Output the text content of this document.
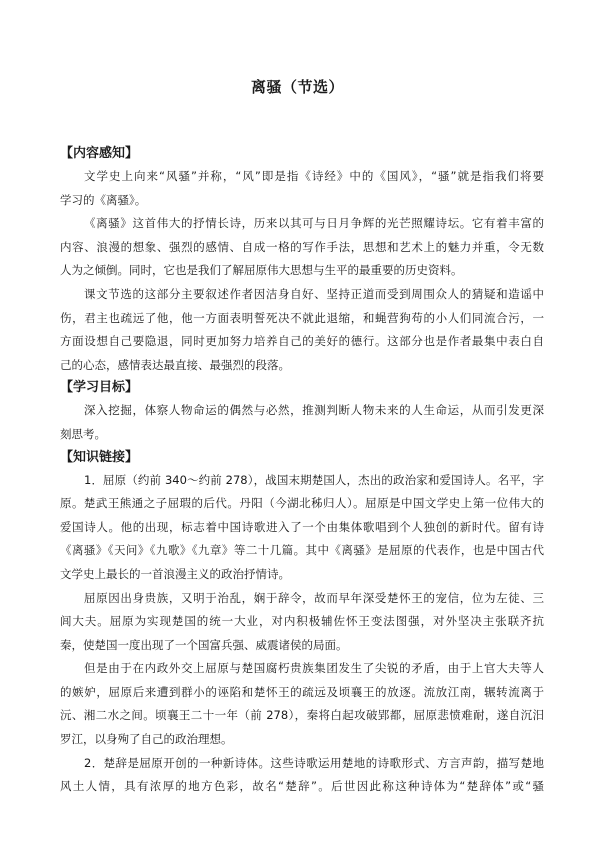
离骚（节选）
【内容感知】
文学史上向来“风骚”并称，“风”即是指《诗经》中的《国风》，“骚”就是指我们将要
学习的《离骚》。
《离骚》这首伟大的抒情长诗，历来以其可与日月争辉的光芒照耀诗坛。它有着丰富的
内容、浪漫的想象、强烈的感情、自成一格的写作手法，思想和艺术上的魅力并重，令无数
人为之倾倒。同时，它也是我们了解屈原伟大思想与生平的最重要的历史资料。
课文节选的这部分主要叙述作者因洁身自好、坚持正道而受到周围众人的猜疑和造谣中
伤，君主也疏远了他，他一方面表明誓死决不就此退缩，和蝇营狗苟的小人们同流合污，一
方面设想自己要隐退，同时更加努力培养自己的美好的德行。这部分也是作者最集中表白自
己的心态，感情表达最直接、最强烈的段落。
【学习目标】
深入挖掘，体察人物命运的偶然与必然，推测判断人物未来的人生命运，从而引发更深
刻思考。
【知识链接】
1．屈原（约前 340～约前 278），战国末期楚国人，杰出的政治家和爱国诗人。名平，字
原。楚武王熊通之子屈瑕的后代。丹阳（今湖北秭归人）。屈原是中国文学史上第一位伟大的
爱国诗人。他的出现，标志着中国诗歌进入了一个由集体歌唱到个人独创的新时代。留有诗
《离骚》《天问》《九歌》《九章》等二十几篇。其中《离骚》是屈原的代表作，也是中国古代
文学史上最长的一首浪漫主义的政治抒情诗。
屈原因出身贵族，又明于治乱，娴于辞令，故而早年深受楚怀王的宠信，位为左徒、三
闾大夫。屈原为实现楚国的统一大业，对内积极辅佐怀王变法图强，对外坚决主张联齐抗
秦，使楚国一度出现了一个国富兵强、威震诸侯的局面。
但是由于在内政外交上屈原与楚国腐朽贵族集团发生了尖锐的矛盾，由于上官大夫等人
的嫉妒，屈原后来遭到群小的诬陷和楚怀王的疏远及顷襄王的放逐。流放江南，辗转流离于
沅、湘二水之间。顷襄王二十一年（前 278），秦将白起攻破郢都，屈原悲愤难耐，遂自沉汨
罗江，以身殉了自己的政治理想。
2．楚辞是屈原开创的一种新诗体。这些诗歌运用楚地的诗歌形式、方言声韵，描写楚地
风土人情，具有浓厚的地方色彩，故名“楚辞”。后世因此称这种诗体为“楚辞体”或“骚
